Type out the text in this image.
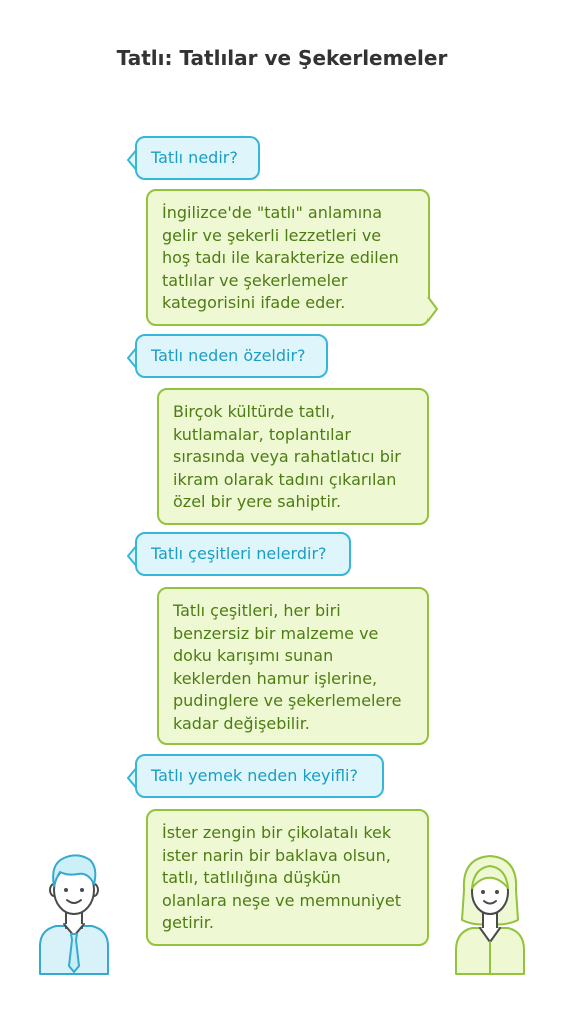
Tatlı: Tatlılar ve Şekerlemeler
Tatlı nedir?
İngilizce'de "tatlı" anlamına
gelir ve şekerli lezzetleri ve
hoş tadı ile karakterize edilen
tatlılar ve şekerlemeler
kategorisini ifade eder.
Tatlı neden özeldir?
Birçok kültürde tatlı,
kutlamalar, toplantılar
sırasında veya rahatlatıcı bir
ikram olarak tadını çıkarılan
özel bir yere sahiptir.
Tatlı çeşitleri nelerdir?
Tatlı çeşitleri, her biri
benzersiz bir malzeme ve
doku karışımı sunan
keklerden hamur işlerine,
pudinglere ve şekerlemelere
kadar değişebilir.
Tatlı yemek neden keyifli?
İster zengin bir çikolatalı kek
ister narin bir baklava olsun,
tatlı, tatlılığına düşkün
olanlara neşe ve memnuniyet
getirir.
